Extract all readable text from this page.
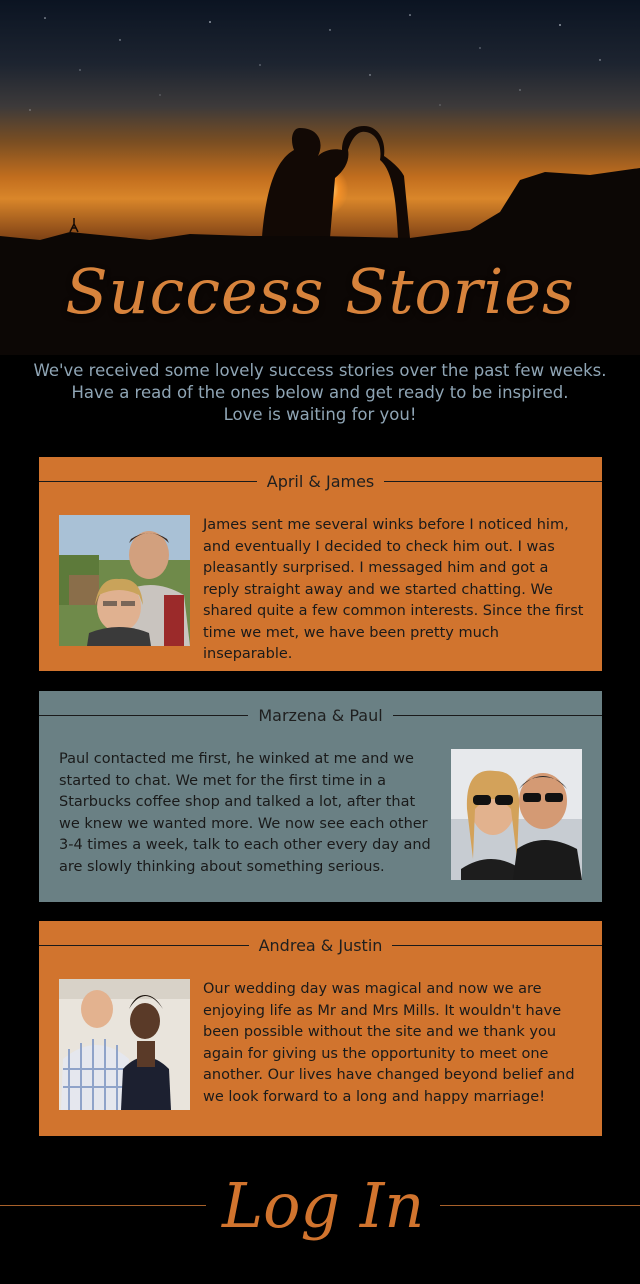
Success Stories
We've received some lovely success stories over the past few weeks.
Have a read of the ones below and get ready to be inspired.
Love is waiting for you!
April & James
James sent me several winks before I noticed him, and eventually I decided to check him out. I was pleasantly surprised. I messaged him and got a reply straight away and we started chatting. We shared quite a few common interests. Since the first time we met, we have been pretty much inseparable.
Marzena & Paul
Paul contacted me first, he winked at me and we started to chat. We met for the first time in a Starbucks coffee shop and talked a lot, after that we knew we wanted more. We now see each other 3-4 times a week, talk to each other every day and are slowly thinking about something serious.
Andrea & Justin
Our wedding day was magical and now we are enjoying life as Mr and Mrs Mills. It wouldn't have been possible without the site and we thank you again for giving us the opportunity to meet one another. Our lives have changed beyond belief and we look forward to a long and happy marriage!
Log In
